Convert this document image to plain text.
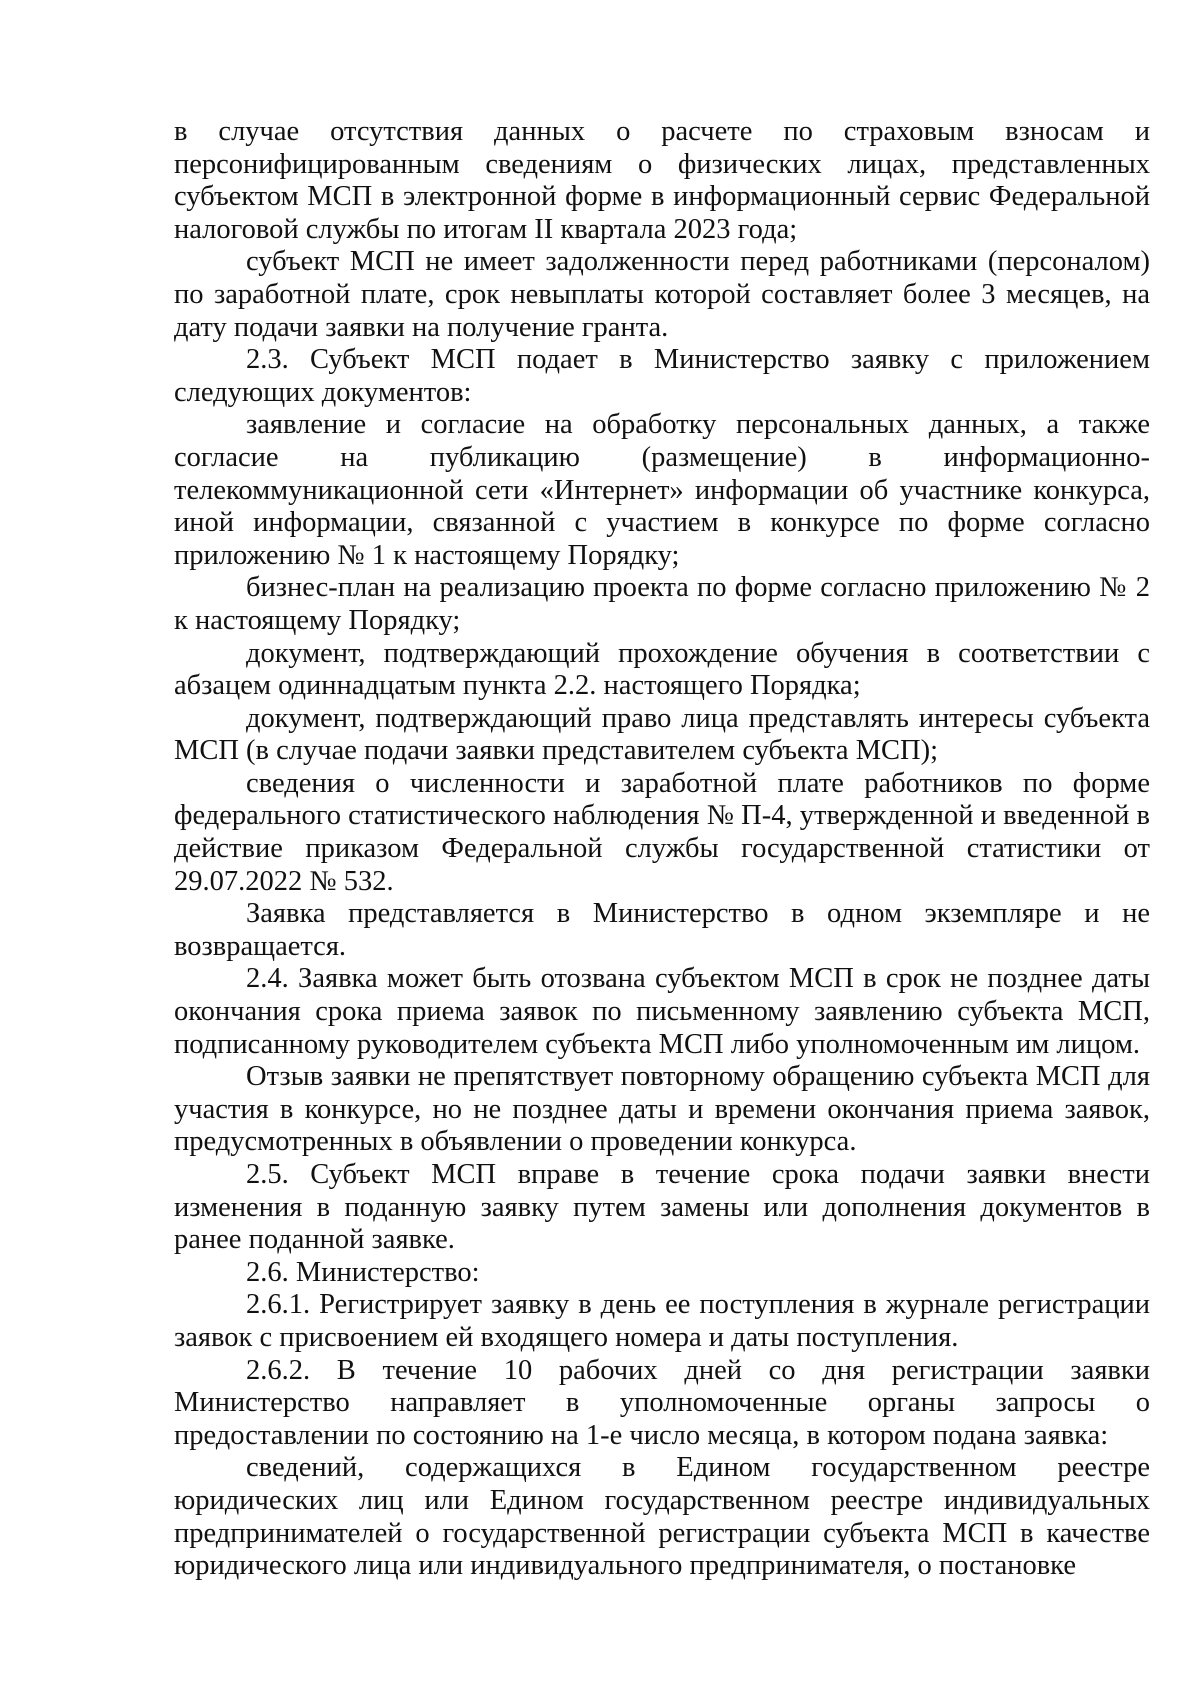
в случае отсутствия данных о расчете по страховым взносам и персонифицированным сведениям о физических лицах, представленных субъектом МСП в электронной форме в информационный сервис Федеральной налоговой службы по итогам II квартала 2023 года;

субъект МСП не имеет задолженности перед работниками (персоналом) по заработной плате, срок невыплаты которой составляет более 3 месяцев, на дату подачи заявки на получение гранта.

2.3. Субъект МСП подает в Министерство заявку с приложением следующих документов:

заявление и согласие на обработку персональных данных, а также согласие на публикацию (размещение) в информационно-телекоммуникационной сети «Интернет» информации об участнике конкурса, иной информации, связанной с участием в конкурсе по форме согласно приложению № 1 к настоящему Порядку;

бизнес-план на реализацию проекта по форме согласно приложению № 2 к настоящему Порядку;

документ, подтверждающий прохождение обучения в соответствии с абзацем одиннадцатым пункта 2.2. настоящего Порядка;

документ, подтверждающий право лица представлять интересы субъекта МСП (в случае подачи заявки представителем субъекта МСП);

сведения о численности и заработной плате работников по форме федерального статистического наблюдения № П-4, утвержденной и введенной в действие приказом Федеральной службы государственной статистики от 29.07.2022 № 532.

Заявка представляется в Министерство в одном экземпляре и не возвращается.

2.4. Заявка может быть отозвана субъектом МСП в срок не позднее даты окончания срока приема заявок по письменному заявлению субъекта МСП, подписанному руководителем субъекта МСП либо уполномоченным им лицом.

Отзыв заявки не препятствует повторному обращению субъекта МСП для участия в конкурсе, но не позднее даты и времени окончания приема заявок, предусмотренных в объявлении о проведении конкурса.

2.5. Субъект МСП вправе в течение срока подачи заявки внести изменения в поданную заявку путем замены или дополнения документов в ранее поданной заявке.

2.6. Министерство:

2.6.1. Регистрирует заявку в день ее поступления в журнале регистрации заявок с присвоением ей входящего номера и даты поступления.

2.6.2. В течение 10 рабочих дней со дня регистрации заявки Министерство направляет в уполномоченные органы запросы о предоставлении по состоянию на 1-е число месяца, в котором подана заявка:

сведений, содержащихся в Едином государственном реестре юридических лиц или Едином государственном реестре индивидуальных предпринимателей о государственной регистрации субъекта МСП в качестве юридического лица или индивидуального предпринимателя, о постановке
